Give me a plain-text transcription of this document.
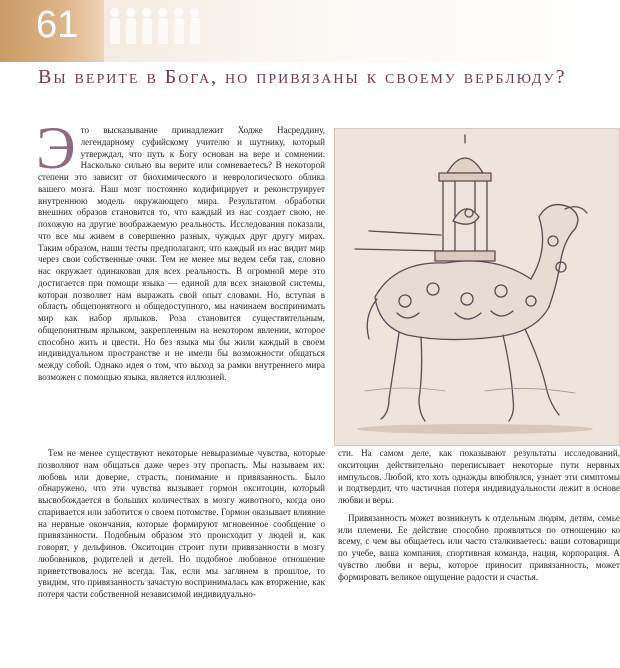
61
Вы верите в Бога, но привязаны к своему верблюду?

Это высказывание принадлежит Ходже Насреддину, легендарному суфийскому учителю и шутнику, который утверждал, что путь к Богу основан на вере и сомнении. Насколько сильно вы верите или сомневаетесь? В некоторой степени это зависит от биохимического и неврологического облика вашего мозга. Наш мозг постоянно кодифицирует и реконструирует внутреннюю модель окружающего мира. Результатом обработки внешних образов становится то, что каждый из нас создает свою, не похожую на другие воображаемую реальность. Исследования показали, что все мы живем в совершенно разных, чуждых друг другу мирах. Таким образом, наши тесты предполагают, что каждый из нас видит мир через свои собственные очки. Тем не менее мы ведем себя так, словно нас окружает одинаковая для всех реальность. В огромной мере это достигается при помощи языка — единой для всех знаковой системы, которая позволяет нам выражать свой опыт словами. Но, вступая в область общепонятного и общедоступного, мы начинаем воспринимать мир как набор ярлыков. Роза становится существительным, общепонятным ярлыком, закрепленным на некотором явлении, которое способно жить и цвести. Но без языка мы бы жили каждый в своем индивидуальном пространстве и не имели бы возможности общаться между собой. Однако идея о том, что выход за рамки внутреннего мира возможен с помощью языка, является иллюзией.

Тем не менее существуют некоторые невыразимые чувства, которые позволяют нам общаться даже через эту пропасть. Мы называем их: любовь или доверие, страсть, понимание и привязанность. Было обнаружено, что эти чувства вызывает гормон окситоцин, который высвобождается в больших количествах в мозгу животного, когда оно спаривается или заботится о своем потомстве. Гормон оказывает влияние на нервные окончания, которые формируют мгновенное сообщение о привязанности. Подобным образом это происходит у людей и, как говорят, у дельфинов. Окситоцин строит пути привязанности в мозгу любовников, родителей и детей. Но подобное любовное отношение приветствовалось не всегда. Так, если мы заглянем в прошлое, то увидим, что привязанность зачастую воспринималась как вторжение, как потеря части собственной независимой индивидуально-

сти. На самом деле, как показывают результаты исследований, окситоцин действительно переписывает некоторые пути нервных импульсов. Любой, кто хоть однажды влюблялся, узнает эти симптомы и подтвердит, что частичная потеря индивидуальности лежит в основе любви и веры.

Привязанность может возникнуть к отдельным людям, детям, семье или племени. Ее действие способно проявляться по отношению ко всему, с чем вы общаетесь или часто сталкиваетесь: ваши сотоварищи по учебе, ваша компания, спортивная команда, нация, корпорация. А чувство любви и веры, которое приносит привязанность, может формировать великое ощущение радости и счастья.
